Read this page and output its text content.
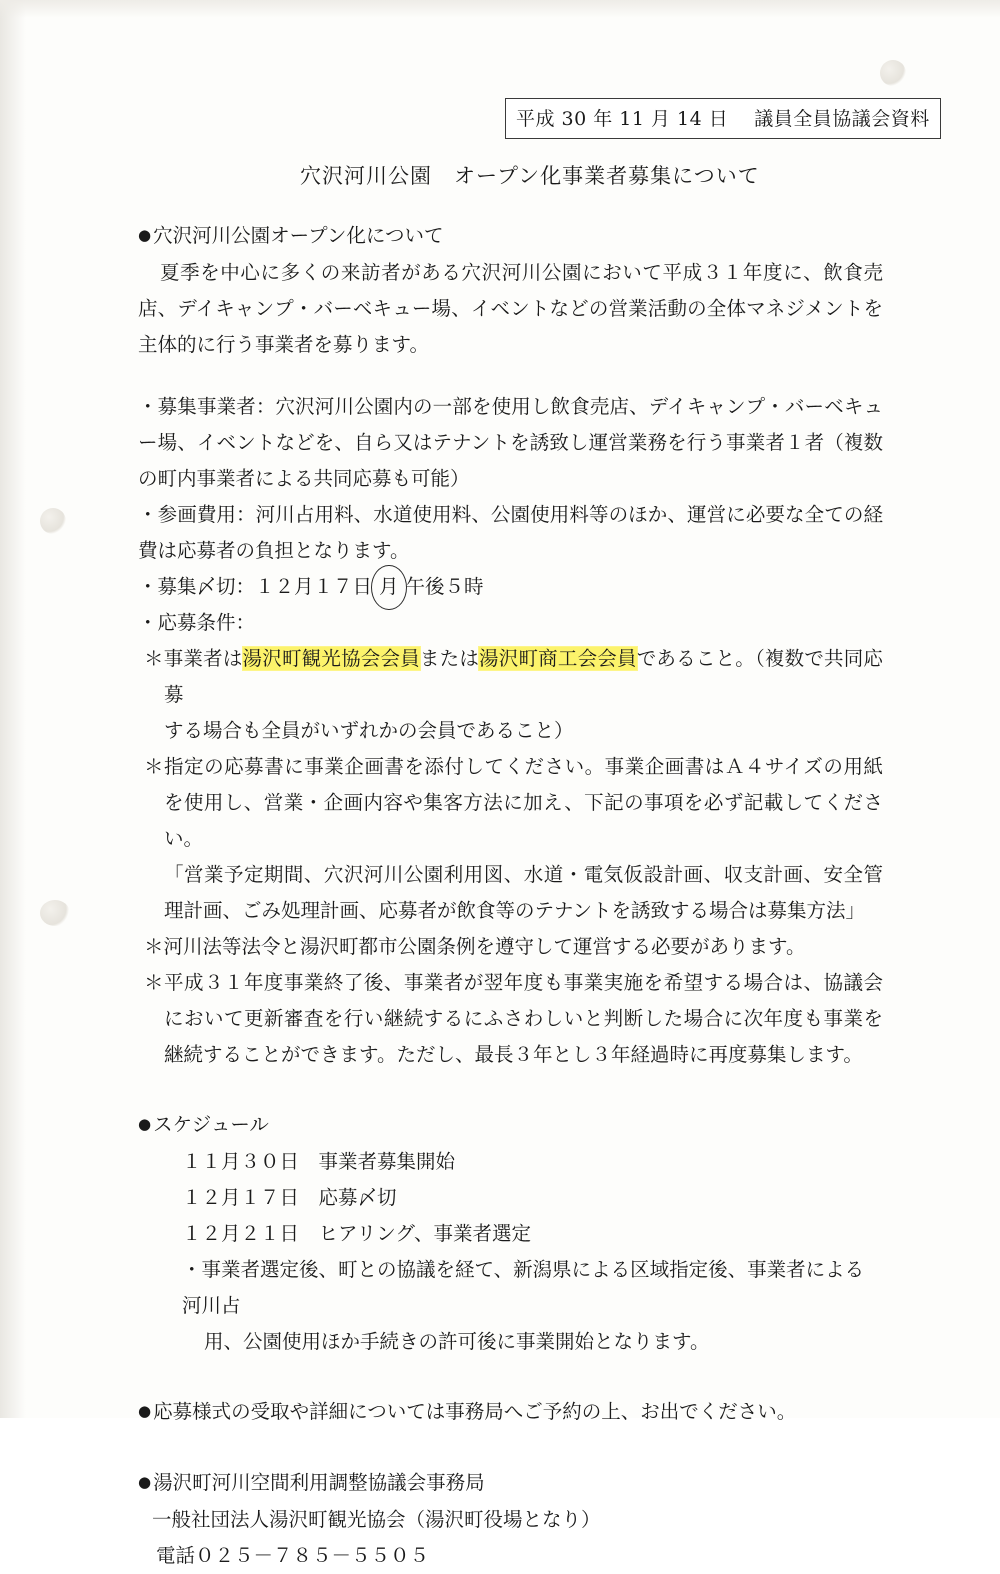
平成 30 年 11 月 14 日　 議員全員協議会資料
穴沢河川公園　オープン化事業者募集について
● 穴沢河川公園オープン化について
夏季を中心に多くの来訪者がある穴沢河川公園において平成３１年度に、飲食売店、デイキャンプ・バーベキュー場、イベントなどの営業活動の全体マネジメントを主体的に行う事業者を募ります。
・ 募集事業者：穴沢河川公園内の一部を使用し飲食売店、デイキャンプ・バーベキュー場、イベントなどを、自ら又はテナントを誘致し運営業務を行う事業者１者（複数の町内事業者による共同応募も可能）
・ 参画費用：河川占用料、水道使用料、公園使用料等のほか、運営に必要な全ての経費は応募者の負担となります。
・ 募集〆切：１２月１７日 月 午後５時
・ 応募条件：
＊ 事業者は湯沢町観光協会会員または湯沢町商工会会員であること。（複数で共同応募
する場合も全員がいずれかの会員であること）
＊ 指定の応募書に事業企画書を添付してください。事業企画書はＡ４サイズの用紙を使用し、営業・企画内容や集客方法に加え、下記の事項を必ず記載してください。
「営業予定期間、穴沢河川公園利用図、水道・電気仮設計画、収支計画、安全管理計画、ごみ処理計画、応募者が飲食等のテナントを誘致する場合は募集方法」
＊ 河川法等法令と湯沢町都市公園条例を遵守して運営する必要があります。
＊ 平成３１年度事業終了後、事業者が翌年度も事業実施を希望する場合は、協議会において更新審査を行い継続するにふさわしいと判断した場合に次年度も事業を継続することができます。ただし、最長３年とし３年経過時に再度募集します。
● スケジュール
１１月３０日　事業者募集開始
１２月１７日　応募〆切
１２月２１日　ヒアリング、事業者選定
・ 事業者選定後、町との協議を経て、新潟県による区域指定後、事業者による河川占
用、公園使用ほか手続きの許可後に事業開始となります。
● 応募様式の受取や詳細については事務局へご予約の上、お出でください。
● 湯沢町河川空間利用調整協議会事務局
一般社団法人湯沢町観光協会（湯沢町役場となり）
電話０２５－７８５－５５０５
